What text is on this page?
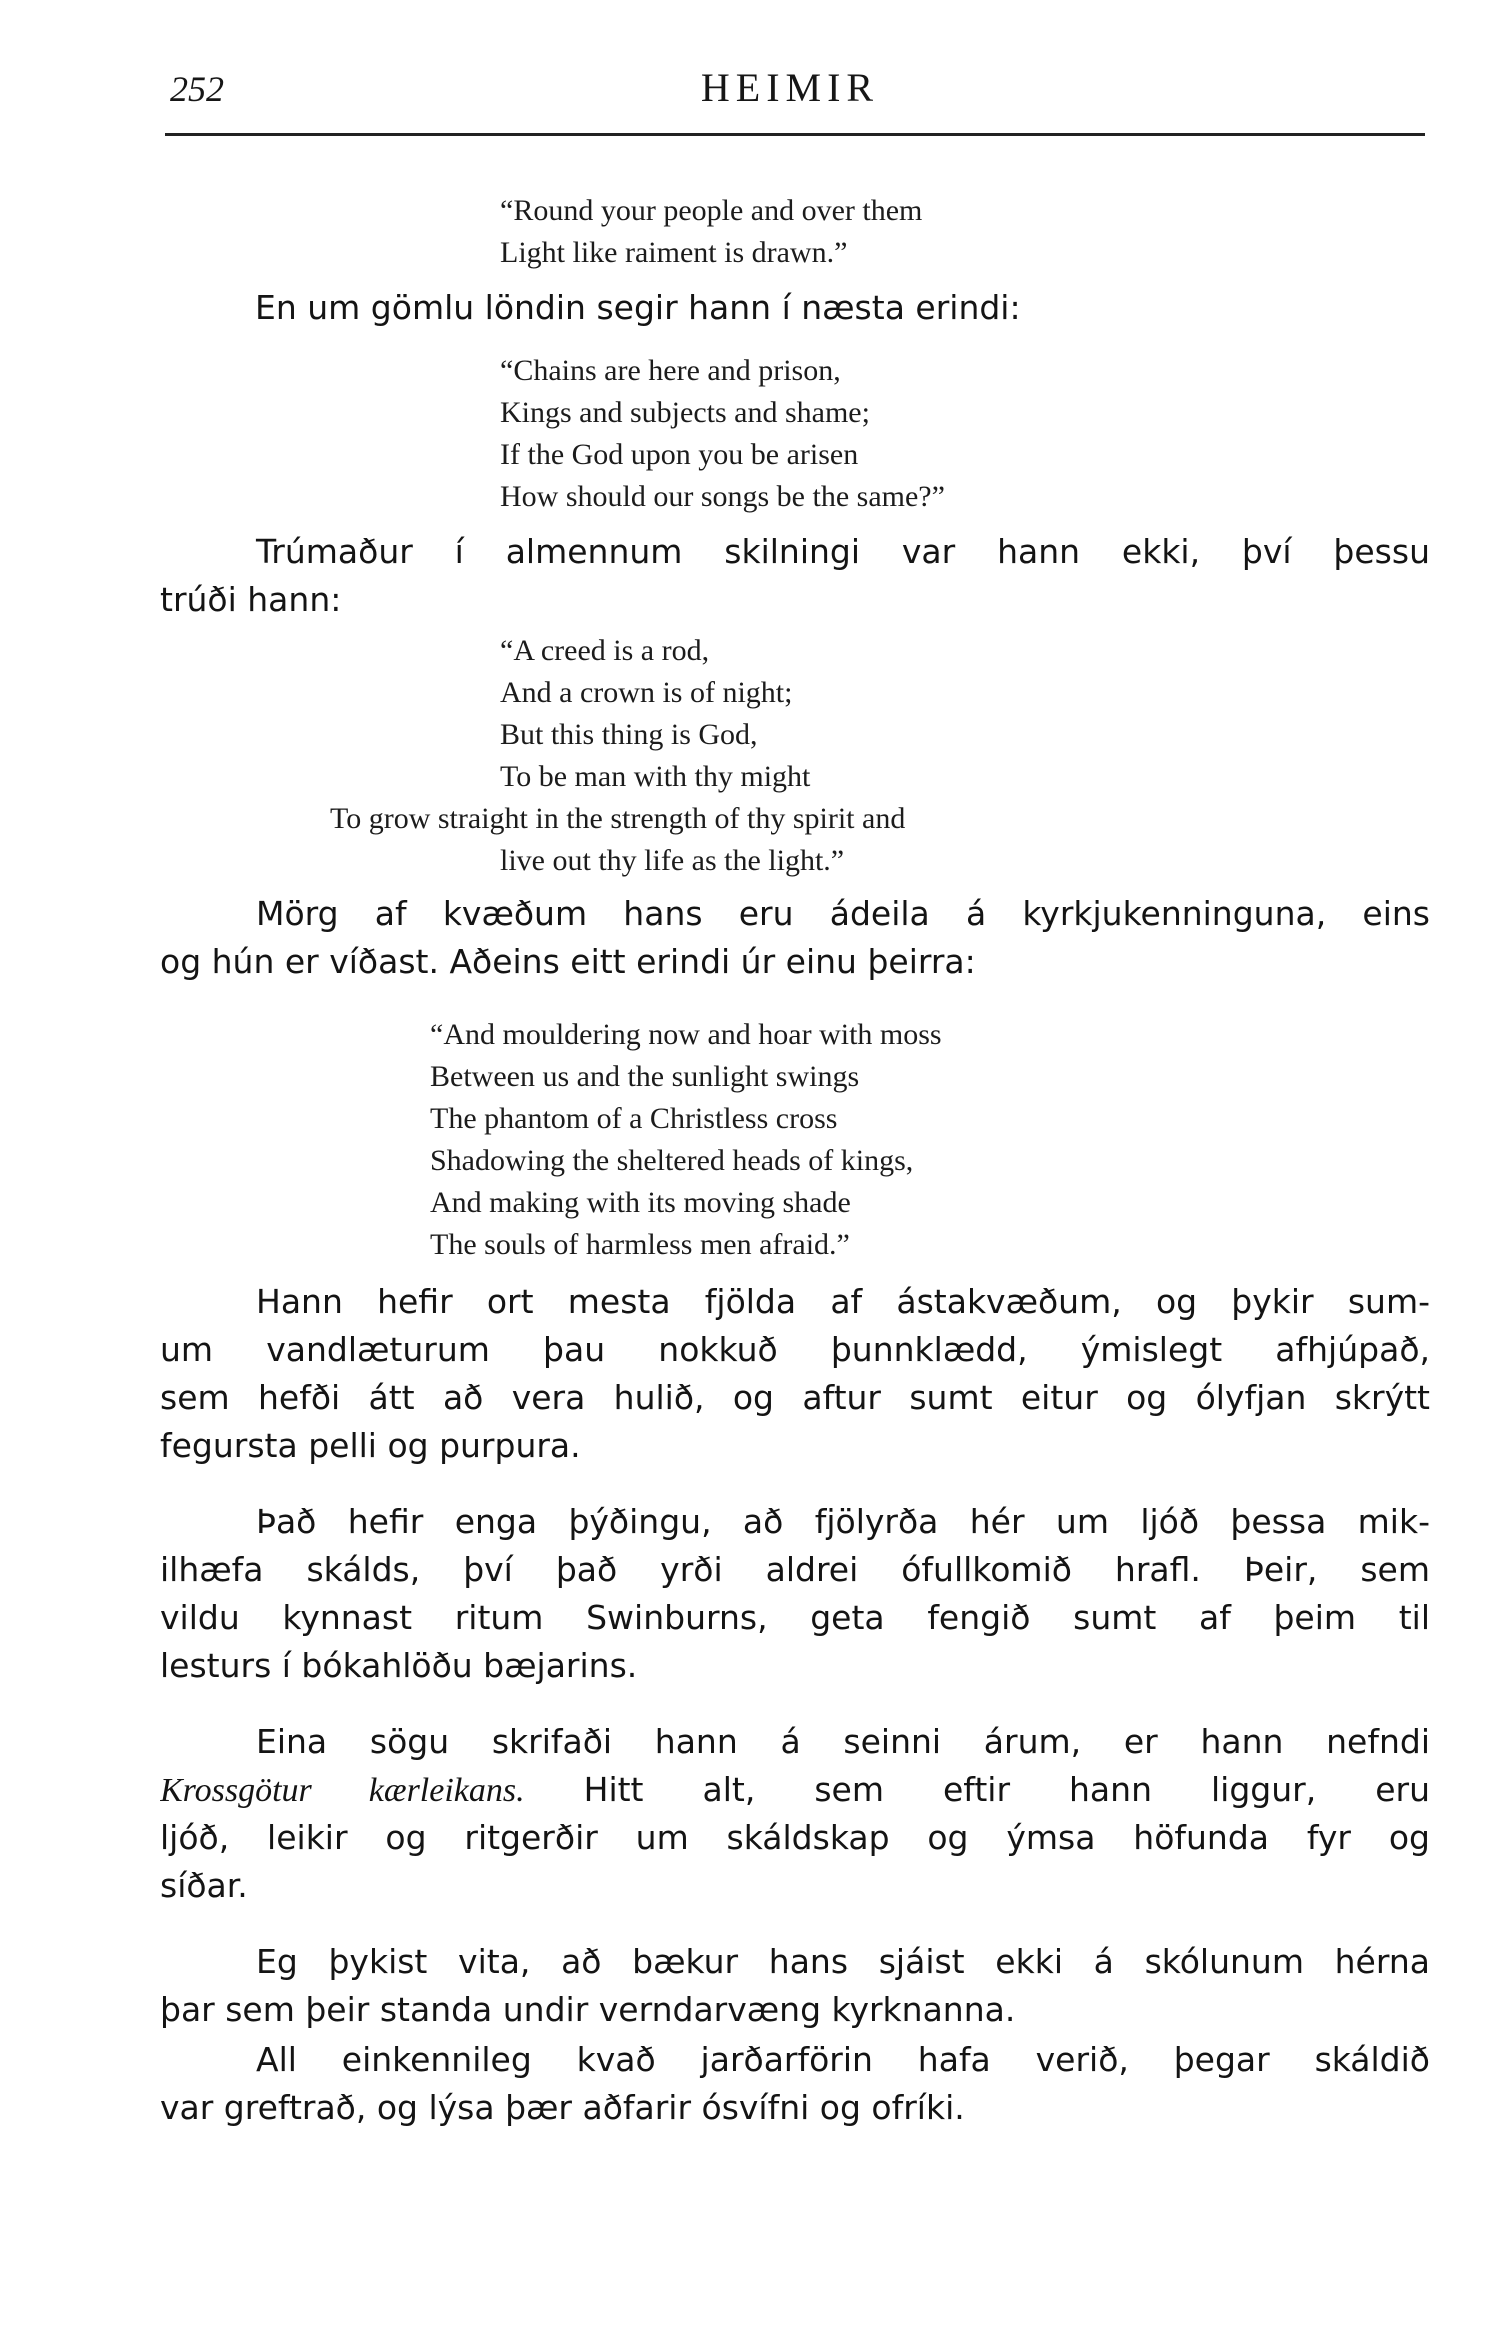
252	HEIMIR
“Round your people and over them
Light like raiment is drawn.”

En um gömlu löndin segir hann í næsta erindi:

“Chains are here and prison,
Kings and subjects and shame;
If the God upon you be arisen
How should our songs be the same?”

Trúmaður í almennum skilningi var hann ekki, því þessu

trúði hann:

“A creed is a rod,
And a crown is of night;
But this thing is God,
To be man with thy might
To grow straight in the strength of thy spirit and
live out thy life as the light.”

Mörg af kvæðum hans eru ádeila á kyrkjukenninguna, eins

og hún er víðast. Aðeins eitt erindi úr einu þeirra:

“And mouldering now and hoar with moss
Between us and the sunlight swings
The phantom of a Christless cross
Shadowing the sheltered heads of kings,
And making with its moving shade
The souls of harmless men afraid.”

Hann hefir ort mesta fjölda af ástakvæðum, og þykir sum-

um vandlæturum þau nokkuð þunnklædd, ýmislegt afhjúpað,

sem hefði átt að vera hulið, og aftur sumt eitur og ólyfjan skrýtt

fegursta pelli og purpura.

Það hefir enga þýðingu, að fjölyrða hér um ljóð þessa mik-

ilhæfa skálds, því það yrði aldrei ófullkomið hrafl. Þeir, sem

vildu kynnast ritum Swinburns, geta fengið sumt af þeim til

lesturs í bókahlöðu bæjarins.

Eina sögu skrifaði hann á seinni árum, er hann nefndi

Krossgötur kærleikans. Hitt alt, sem eftir hann liggur, eru

ljóð, leikir og ritgerðir um skáldskap og ýmsa höfunda fyr og

síðar.

Eg þykist vita, að bækur hans sjáist ekki á skólunum hérna

þar sem þeir standa undir verndarvæng kyrknanna.

All einkennileg kvað jarðarförin hafa verið, þegar skáldið

var greftrað, og lýsa þær aðfarir ósvífni og ofríki.
